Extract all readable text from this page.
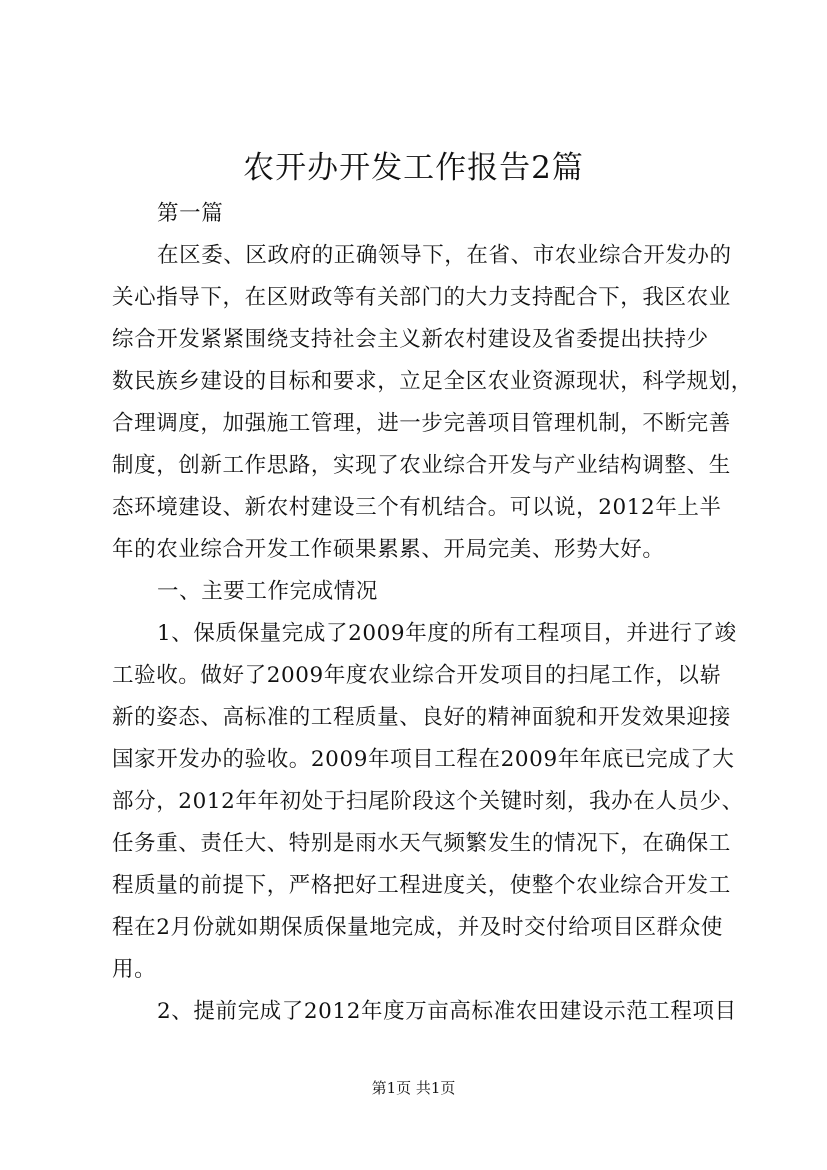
农开办开发工作报告2篇
第一篇
在区委、区政府的正确领导下，在省、市农业综合开发办的
关心指导下，在区财政等有关部门的大力支持配合下，我区农业
综合开发紧紧围绕支持社会主义新农村建设及省委提出扶持少
数民族乡建设的目标和要求，立足全区农业资源现状，科学规划，
合理调度，加强施工管理，进一步完善项目管理机制，不断完善
制度，创新工作思路，实现了农业综合开发与产业结构调整、生
态环境建设、新农村建设三个有机结合。可以说，2012年上半
年的农业综合开发工作硕果累累、开局完美、形势大好。
一、主要工作完成情况
1、保质保量完成了2009年度的所有工程项目，并进行了竣
工验收。做好了2009年度农业综合开发项目的扫尾工作，以崭
新的姿态、高标准的工程质量、良好的精神面貌和开发效果迎接
国家开发办的验收。2009年项目工程在2009年年底已完成了大
部分，2012年年初处于扫尾阶段这个关键时刻，我办在人员少、
任务重、责任大、特别是雨水天气频繁发生的情况下，在确保工
程质量的前提下，严格把好工程进度关，使整个农业综合开发工
程在2月份就如期保质保量地完成，并及时交付给项目区群众使
用。
2、提前完成了2012年度万亩高标准农田建设示范工程项目
第1页 共1页
